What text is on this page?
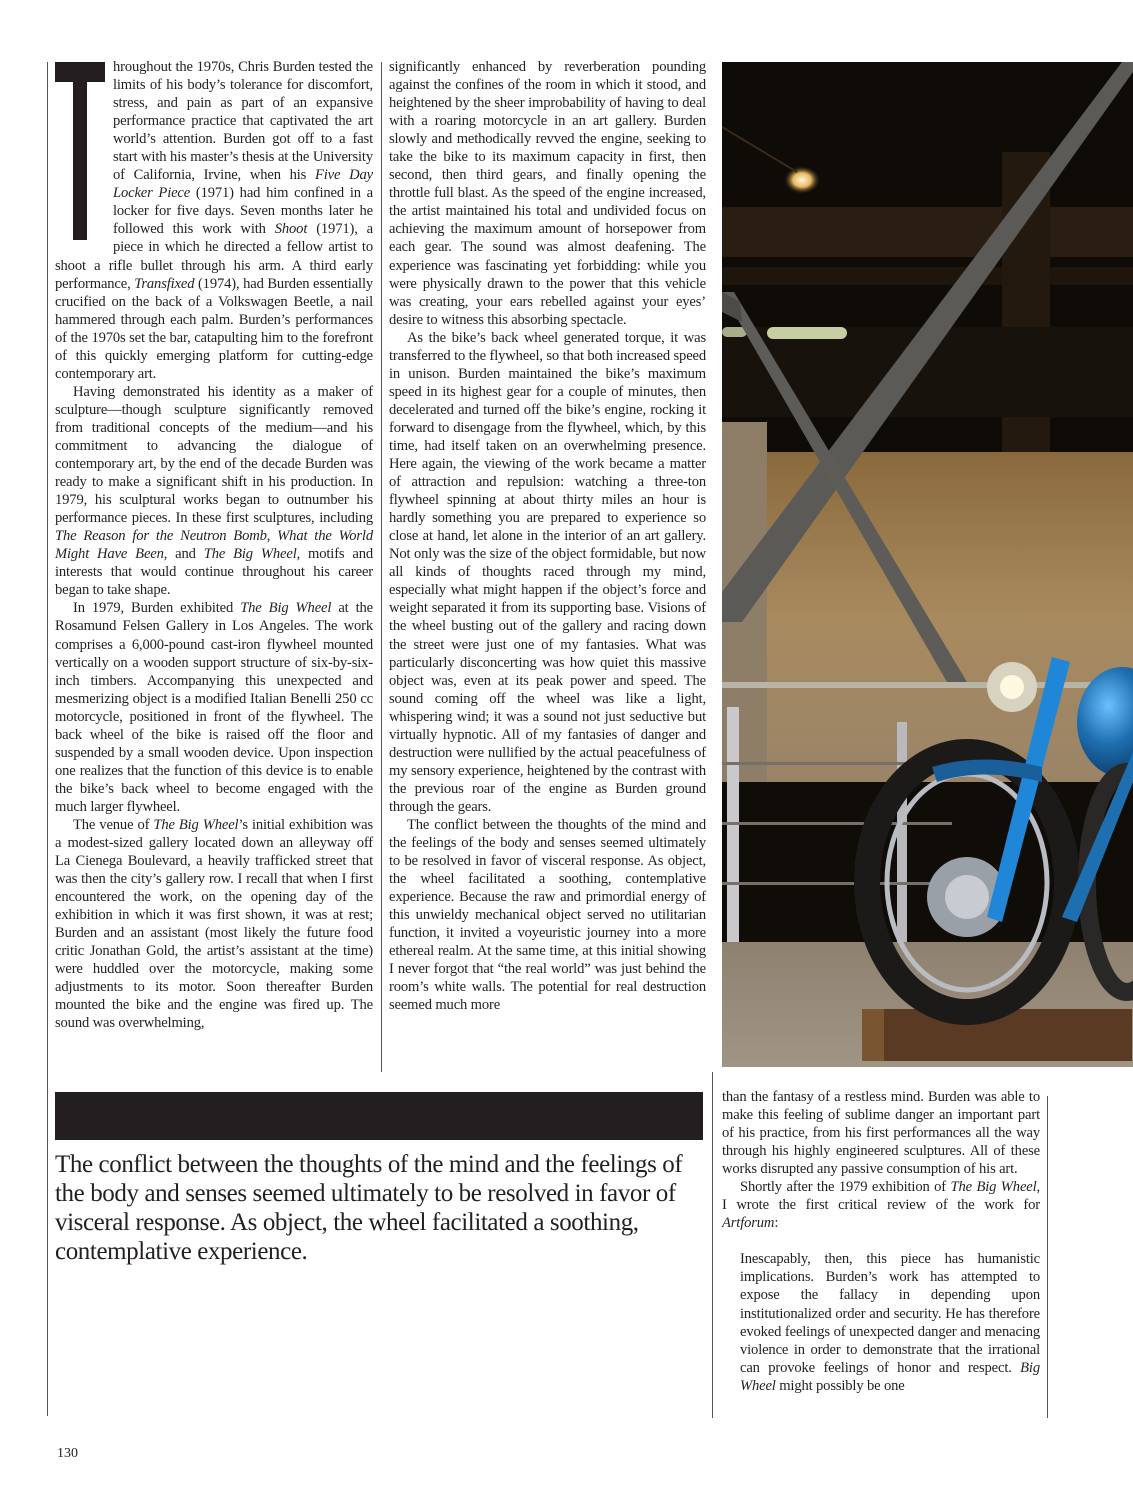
hroughout the 1970s, Chris Burden tested the limits of his body’s tolerance for discomfort, stress, and pain as part of an expansive performance practice that captivated the art world’s attention. Burden got off to a fast start with his master’s thesis at the University of California, Irvine, when his Five Day Locker Piece (1971) had him confined in a locker for five days. Seven months later he followed this work with Shoot (1971), a piece in which he directed a fellow artist to shoot a rifle bullet through his arm. A third early performance, Transfixed (1974), had Burden essentially crucified on the back of a Volkswagen Beetle, a nail hammered through each palm. Burden’s performances of the 1970s set the bar, catapulting him to the forefront of this quickly emerging platform for cutting-edge contemporary art.

Having demonstrated his identity as a maker of sculpture—though sculpture significantly removed from traditional concepts of the medium—and his commitment to advancing the dialogue of contemporary art, by the end of the decade Burden was ready to make a significant shift in his production. In 1979, his sculptural works began to outnumber his performance pieces. In these first sculptures, including The Reason for the Neutron Bomb, What the World Might Have Been, and The Big Wheel, motifs and interests that would continue throughout his career began to take shape.

In 1979, Burden exhibited The Big Wheel at the Rosamund Felsen Gallery in Los Angeles. The work comprises a 6,000-pound cast-iron flywheel mounted vertically on a wooden support structure of six-by-six-inch timbers. Accompanying this unexpected and mesmerizing object is a modified Italian Benelli 250 cc motorcycle, positioned in front of the flywheel. The back wheel of the bike is raised off the floor and suspended by a small wooden device. Upon inspection one realizes that the function of this device is to enable the bike’s back wheel to become engaged with the much larger flywheel.

The venue of The Big Wheel’s initial exhibition was a modest-sized gallery located down an alleyway off La Cienega Boulevard, a heavily trafficked street that was then the city’s gallery row. I recall that when I first encountered the work, on the opening day of the exhibition in which it was first shown, it was at rest; Burden and an assistant (most likely the future food critic Jonathan Gold, the artist’s assistant at the time) were huddled over the motorcycle, making some adjustments to its motor. Soon thereafter Burden mounted the bike and the engine was fired up. The sound was overwhelming,

significantly enhanced by reverberation pounding against the confines of the room in which it stood, and heightened by the sheer improbability of having to deal with a roaring motorcycle in an art gallery. Burden slowly and methodically revved the engine, seeking to take the bike to its maximum capacity in first, then second, then third gears, and finally opening the throttle full blast. As the speed of the engine increased, the artist maintained his total and undivided focus on achieving the maximum amount of horsepower from each gear. The sound was almost deafening. The experience was fascinating yet forbidding: while you were physically drawn to the power that this vehicle was creating, your ears rebelled against your eyes’ desire to witness this absorbing spectacle.

As the bike’s back wheel generated torque, it was transferred to the flywheel, so that both increased speed in unison. Burden maintained the bike’s maximum speed in its highest gear for a couple of minutes, then decelerated and turned off the bike’s engine, rocking it forward to disengage from the flywheel, which, by this time, had itself taken on an overwhelming presence. Here again, the viewing of the work became a matter of attraction and repulsion: watching a three-ton flywheel spinning at about thirty miles an hour is hardly something you are prepared to experience so close at hand, let alone in the interior of an art gallery. Not only was the size of the object formidable, but now all kinds of thoughts raced through my mind, especially what might happen if the object’s force and weight separated it from its supporting base. Visions of the wheel busting out of the gallery and racing down the street were just one of my fantasies. What was particularly disconcerting was how quiet this massive object was, even at its peak power and speed. The sound coming off the wheel was like a light, whispering wind; it was a sound not just seductive but virtually hypnotic. All of my fantasies of danger and destruction were nullified by the actual peacefulness of my sensory experience, heightened by the contrast with the previous roar of the engine as Burden ground through the gears.

The conflict between the thoughts of the mind and the feelings of the body and senses seemed ultimately to be resolved in favor of visceral response. As object, the wheel facilitated a soothing, contemplative experience. Because the raw and primordial energy of this unwieldy mechanical object served no utilitarian function, it invited a voyeuristic journey into a more ethereal realm. At the same time, at this initial showing I never forgot that “the real world” was just behind the room’s white walls. The potential for real destruction seemed much more

The conflict between the thoughts of the mind and the feelings of the body and senses seemed ultimately to be resolved in favor of visceral response. As object, the wheel facilitated a soothing, contemplative experience.

than the fantasy of a restless mind. Burden was able to make this feeling of sublime danger an important part of his practice, from his first performances all the way through his highly engineered sculptures. All of these works disrupted any passive consumption of his art.

Shortly after the 1979 exhibition of The Big Wheel, I wrote the first critical review of the work for Artforum:

Inescapably, then, this piece has humanistic implications. Burden’s work has attempted to expose the fallacy in depending upon institutionalized order and security. He has therefore evoked feelings of unexpected danger and menacing violence in order to demonstrate that the irrational can provoke feelings of honor and respect. Big Wheel might possibly be one

130
